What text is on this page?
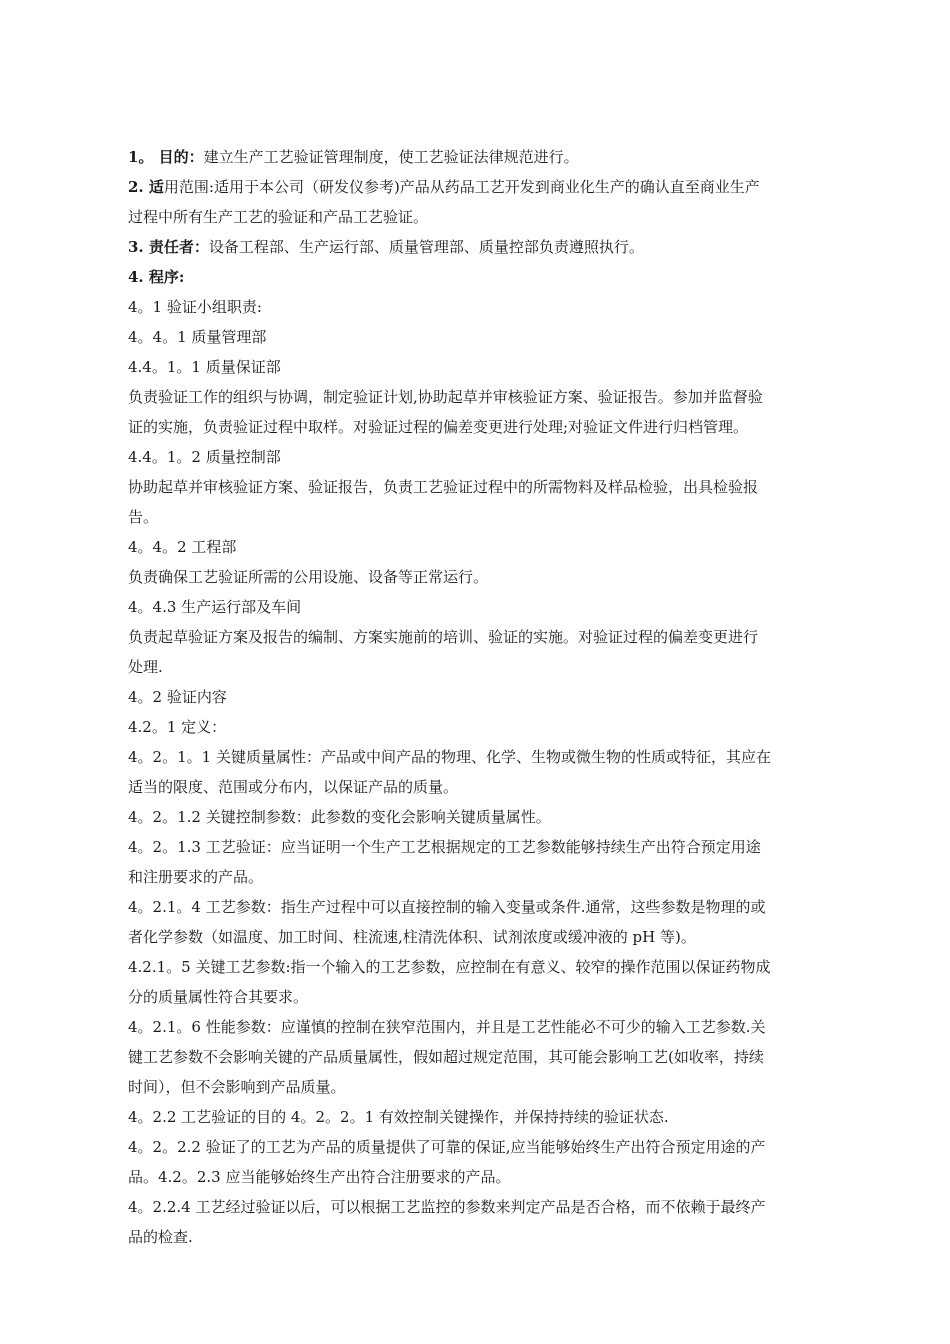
1。 目的：建立生产工艺验证管理制度，使工艺验证法律规范进行。
2. 适用范围:适用于本公司（研发仪参考)产品从药品工艺开发到商业化生产的确认直至商业生产
过程中所有生产工艺的验证和产品工艺验证。
3. 责任者：设备工程部、生产运行部、质量管理部、质量控部负责遵照执行。
4. 程序:
4。1 验证小组职责:
4。4。1 质量管理部
4.4。1。1 质量保证部
负责验证工作的组织与协调，制定验证计划,协助起草并审核验证方案、验证报告。参加并监督验
证的实施，负责验证过程中取样。对验证过程的偏差变更进行处理;对验证文件进行归档管理。
4.4。1。2 质量控制部
协助起草并审核验证方案、验证报告，负责工艺验证过程中的所需物料及样品检验，出具检验报
告。
4。4。2 工程部
负责确保工艺验证所需的公用设施、设备等正常运行。
4。4.3 生产运行部及车间
负责起草验证方案及报告的编制、方案实施前的培训、验证的实施。对验证过程的偏差变更进行
处理.
4。2 验证内容
4.2。1 定义：
4。2。1。1 关键质量属性：产品或中间产品的物理、化学、生物或微生物的性质或特征，其应在
适当的限度、范围或分布内，以保证产品的质量。
4。2。1.2 关键控制参数：此参数的变化会影响关键质量属性。
4。2。1.3 工艺验证：应当证明一个生产工艺根据规定的工艺参数能够持续生产出符合预定用途
和注册要求的产品。
4。2.1。4 工艺参数：指生产过程中可以直接控制的输入变量或条件.通常，这些参数是物理的或
者化学参数（如温度、加工时间、柱流速,柱清洗体积、试剂浓度或缓冲液的 pH 等)。
4.2.1。5 关键工艺参数:指一个输入的工艺参数，应控制在有意义、较窄的操作范围以保证药物成
分的质量属性符合其要求。
4。2.1。6 性能参数：应谨慎的控制在狭窄范围内，并且是工艺性能必不可少的输入工艺参数.关
键工艺参数不会影响关键的产品质量属性，假如超过规定范围，其可能会影响工艺(如收率，持续
时间），但不会影响到产品质量。
4。2.2 工艺验证的目的 4。2。2。1 有效控制关键操作，并保持持续的验证状态.
4。2。2.2 验证了的工艺为产品的质量提供了可靠的保证,应当能够始终生产出符合预定用途的产
品。4.2。2.3 应当能够始终生产出符合注册要求的产品。
4。2.2.4 工艺经过验证以后，可以根据工艺监控的参数来判定产品是否合格，而不依赖于最终产
品的检查.
